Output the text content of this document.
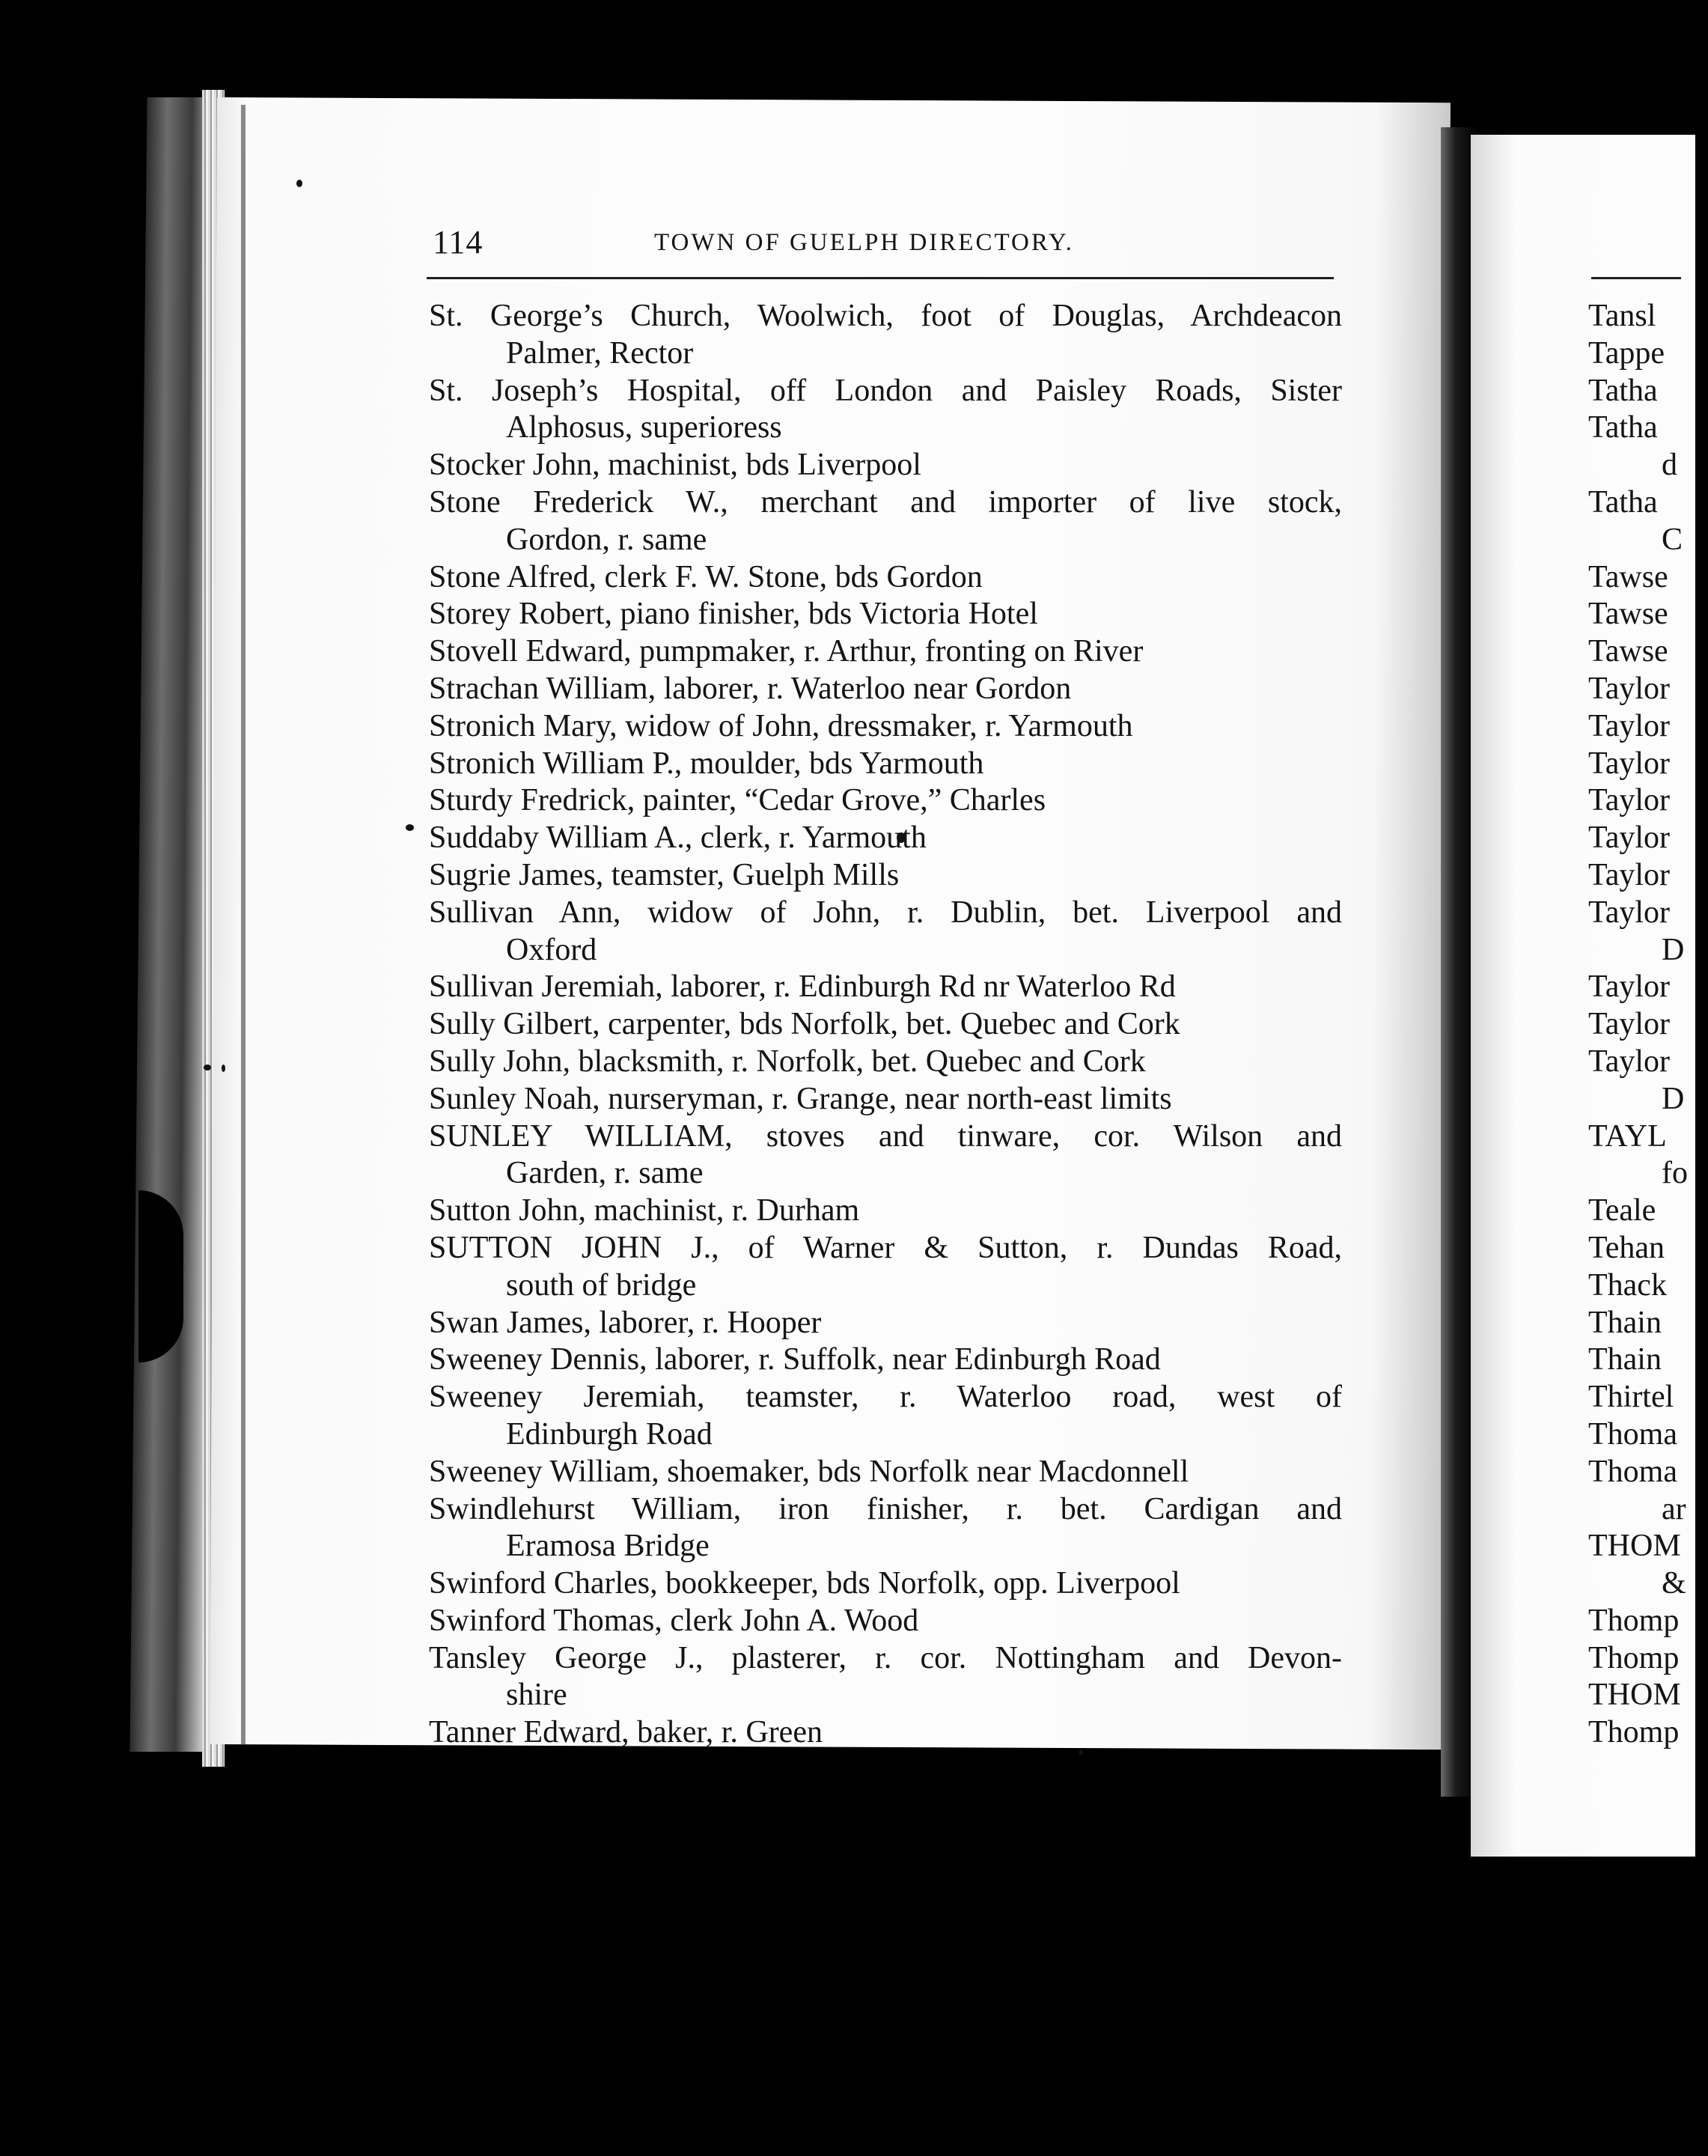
114	TOWN OF GUELPH DIRECTORY.
St. George’s Church, Woolwich, foot of Douglas, Archdeacon
Palmer, Rector
St. Joseph’s Hospital, off London and Paisley Roads, Sister
Alphosus, superioress
Stocker John, machinist, bds Liverpool
Stone Frederick W., merchant and importer of live stock,
Gordon, r. same
Stone Alfred, clerk F. W. Stone, bds Gordon
Storey Robert, piano finisher, bds Victoria Hotel
Stovell Edward, pumpmaker, r. Arthur, fronting on River
Strachan William, laborer, r. Waterloo near Gordon
Stronich Mary, widow of John, dressmaker, r. Yarmouth
Stronich William P., moulder, bds Yarmouth
Sturdy Fredrick, painter, “Cedar Grove,” Charles
Suddaby William A., clerk, r. Yarmouth
Sugrie James, teamster, Guelph Mills
Sullivan Ann, widow of John, r. Dublin, bet. Liverpool and
Oxford
Sullivan Jeremiah, laborer, r. Edinburgh Rd nr Waterloo Rd
Sully Gilbert, carpenter, bds Norfolk, bet. Quebec and Cork
Sully John, blacksmith, r. Norfolk, bet. Quebec and Cork
Sunley Noah, nurseryman, r. Grange, near north-east limits
SUNLEY WILLIAM, stoves and tinware, cor. Wilson and
Garden, r. same
Sutton John, machinist, r. Durham
SUTTON JOHN J., of Warner & Sutton, r. Dundas Road,
south of bridge
Swan James, laborer, r. Hooper
Sweeney Dennis, laborer, r. Suffolk, near Edinburgh Road
Sweeney Jeremiah, teamster, r. Waterloo road, west of
Edinburgh Road
Sweeney William, shoemaker, bds Norfolk near Macdonnell
Swindlehurst William, iron finisher, r. bet. Cardigan and
Eramosa Bridge
Swinford Charles, bookkeeper, bds Norfolk, opp. Liverpool
Swinford Thomas, clerk John A. Wood
Tansley George J., plasterer, r. cor. Nottingham and Devon-
shire
Tanner Edward, baker, r. Green
Tansl
Tappe
Tatha
Tatha
d
Tatha
C
Tawse
Tawse
Tawse
Taylor
Taylor
Taylor
Taylor
Taylor
Taylor
Taylor
D
Taylor
Taylor
Taylor
D
TAYL
fo
Teale
Tehan
Thack
Thain
Thain
Thirtel
Thoma
Thoma
ar
THOM
&
Thomp
Thomp
THOM
Thomp
